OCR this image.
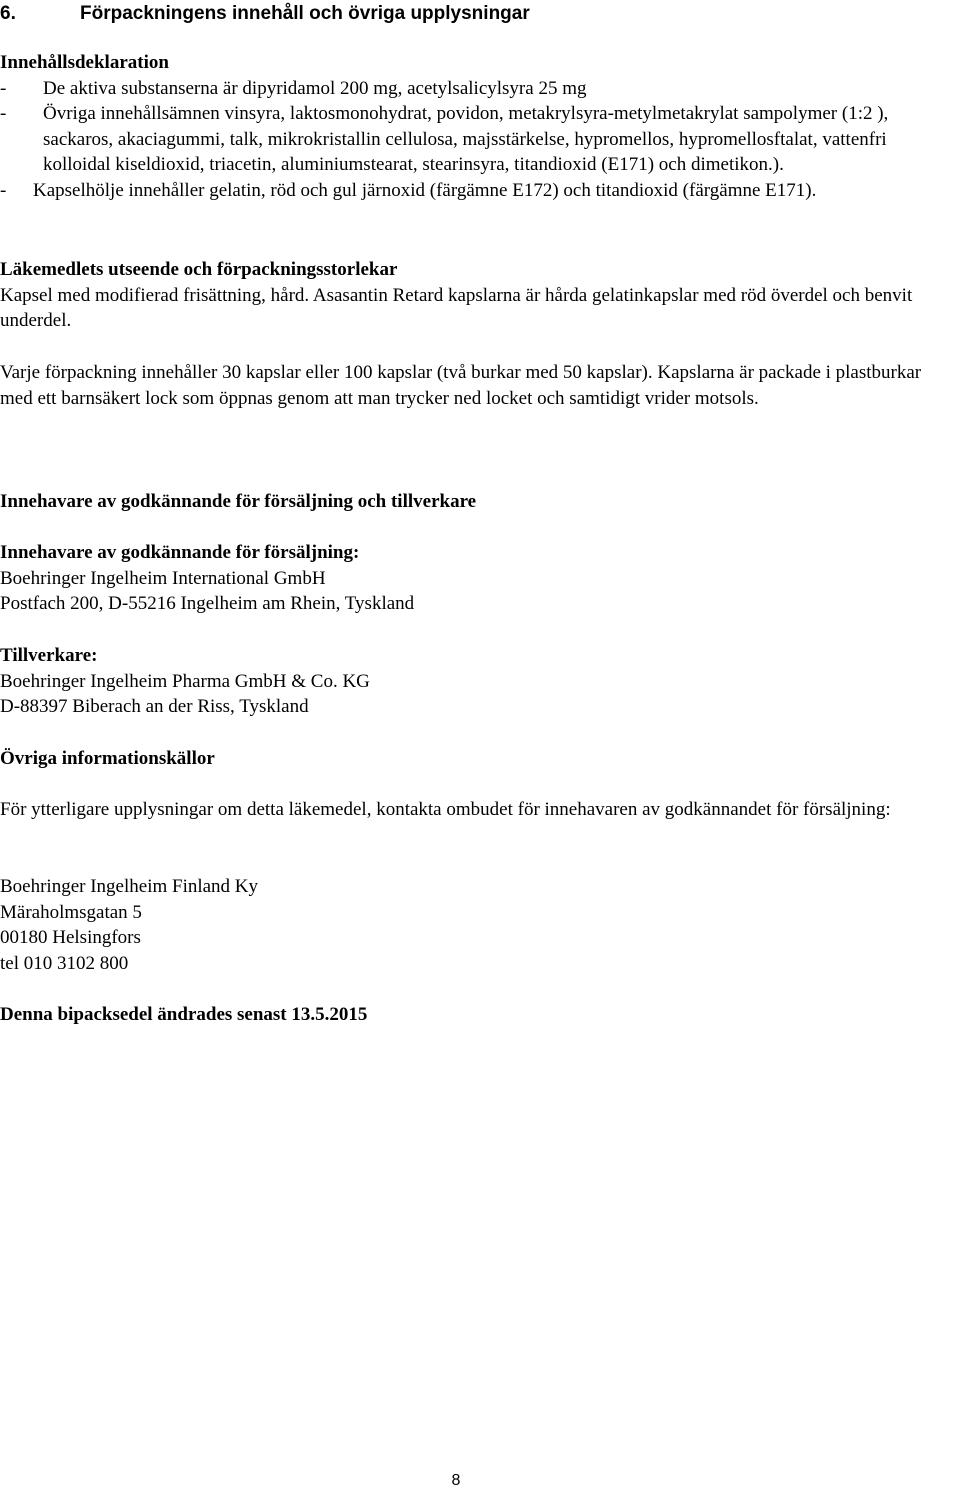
6.	Förpackningens innehåll och övriga upplysningar

Innehållsdeklaration

- De aktiva substanserna är dipyridamol 200 mg, acetylsalicylsyra 25 mg
- Övriga innehållsämnen vinsyra, laktosmonohydrat, povidon, metakrylsyra-metylmetakrylat sampolymer (1:2 ), sackaros, akaciagummi, talk, mikrokristallin cellulosa, majsstärkelse, hypromellos, hypromellosftalat, vattenfri kolloidal kiseldioxid, triacetin, aluminiumstearat, stearinsyra, titandioxid (E171) och dimetikon.).
- Kapselhölje innehåller gelatin, röd och gul järnoxid (färgämne E172) och titandioxid (färgämne E171).

Läkemedlets utseende och förpackningsstorlekar

Kapsel med modifierad frisättning, hård. Asasantin Retard kapslarna är hårda gelatinkapslar med röd överdel och benvit underdel.

Varje förpackning innehåller 30 kapslar eller 100 kapslar (två burkar med 50 kapslar). Kapslarna är packade i plastburkar med ett barnsäkert lock som öppnas genom att man trycker ned locket och samtidigt vrider motsols.

Innehavare av godkännande för försäljning och tillverkare

Innehavare av godkännande för försäljning:

Boehringer Ingelheim International GmbH

Postfach 200, D-55216 Ingelheim am Rhein, Tyskland

Tillverkare:

Boehringer Ingelheim Pharma GmbH & Co. KG

D-88397 Biberach an der Riss, Tyskland

Övriga informationskällor

För ytterligare upplysningar om detta läkemedel, kontakta ombudet för innehavaren av godkännandet för försäljning:

Boehringer Ingelheim Finland Ky

Märaholmsgatan 5

00180 Helsingfors

tel 010 3102 800

Denna bipacksedel ändrades senast 13.5.2015

8
